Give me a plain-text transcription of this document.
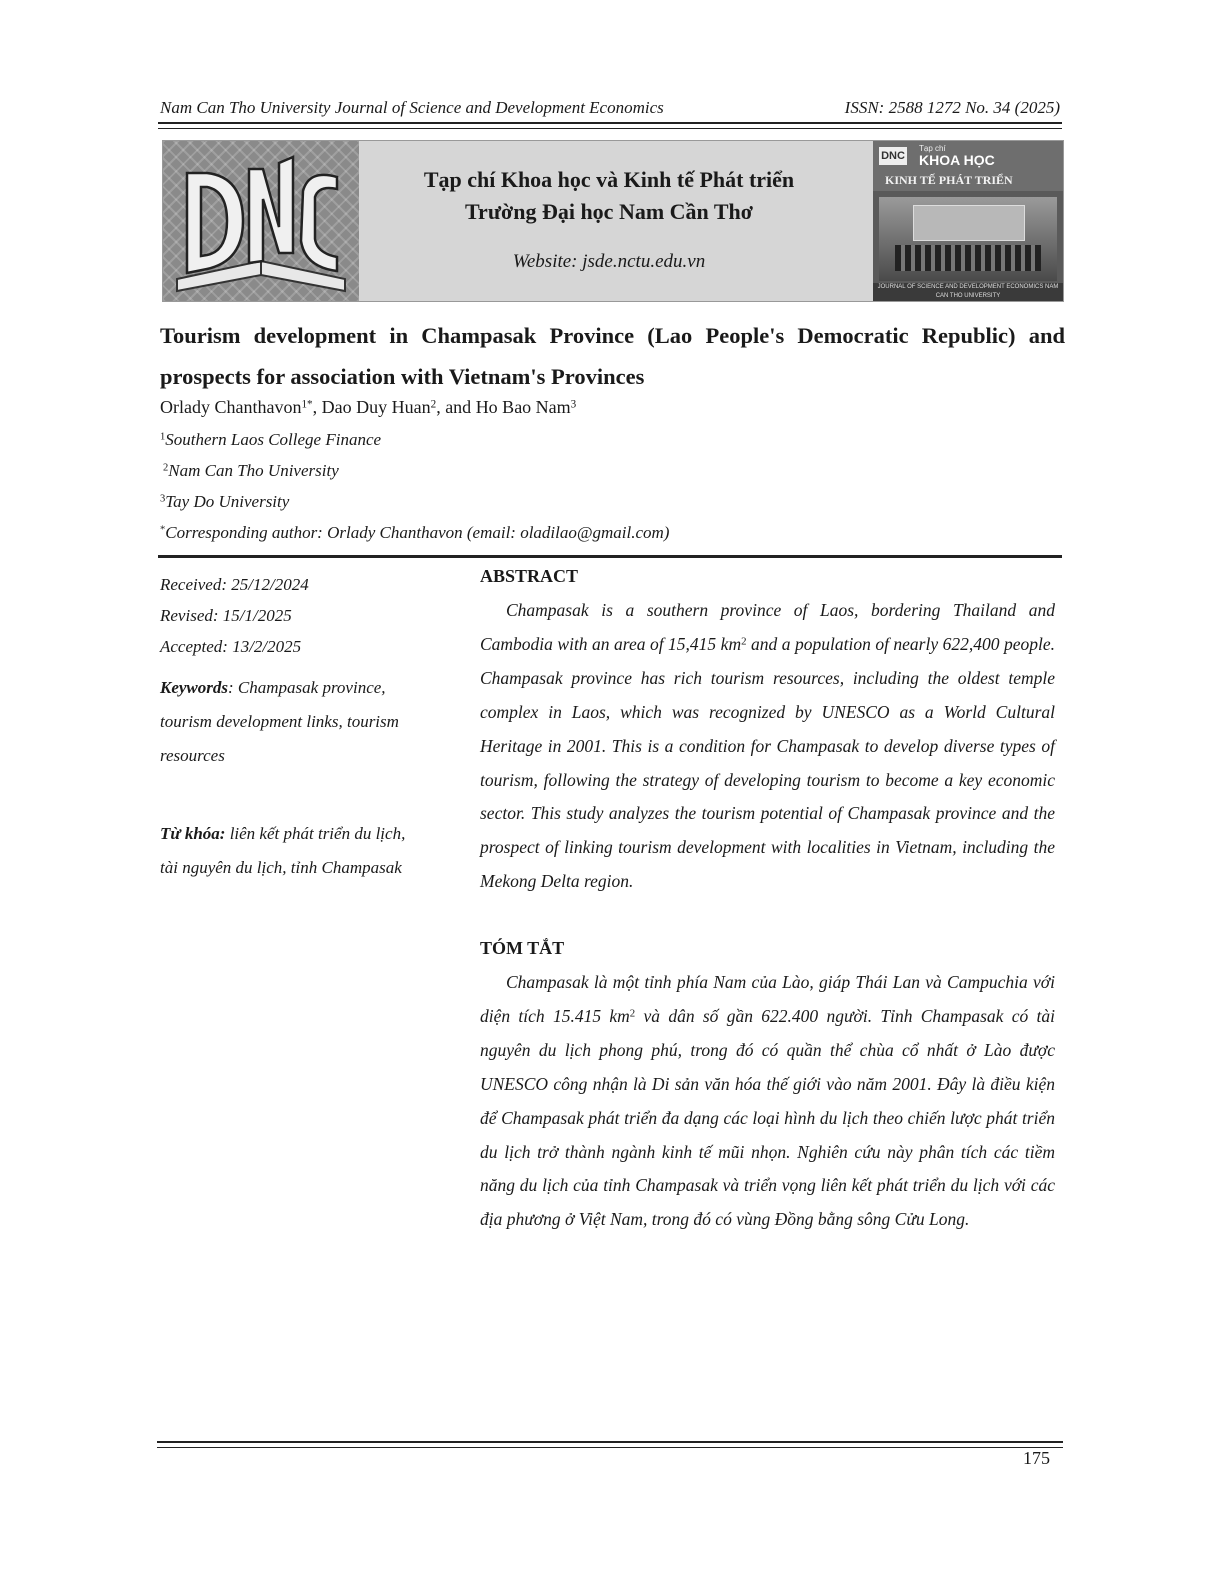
Nam Can Tho University Journal of Science and Development Economics	ISSN: 2588 1272 No. 34 (2025)
Tạp chí Khoa học và Kinh tế Phát triển
Trường Đại học Nam Cần Thơ
Website: jsde.nctu.edu.vn
DNC
Tạp chí
KHOA HỌC
KINH TẾ PHÁT TRIỂN
JOURNAL OF SCIENCE AND DEVELOPMENT ECONOMICS NAM CAN THO UNIVERSITY
Tourism development in Champasak Province (Lao People's Democratic Republic) and prospects for association with Vietnam's Provinces
Orlady Chanthavon$^{1*}$, Dao Duy Huan$^2$, and Ho Bao Nam$^3$
$^1$Southern Laos College Finance
$^2$Nam Can Tho University
$^3$Tay Do University
*Corresponding author: Orlady Chanthavon (email: oladilao@gmail.com)
Received: 25/12/2024
Revised: 15/1/2025
Accepted: 13/2/2025
Keywords: Champasak province, tourism development links, tourism resources
Từ khóa: liên kết phát triển du lịch, tài nguyên du lịch, tỉnh Champasak
ABSTRACT

Champasak is a southern province of Laos, bordering Thailand and Cambodia with an area of 15,415 $km^2$ and a population of nearly 622,400 people. Champasak province has rich tourism resources, including the oldest temple complex in Laos, which was recognized by UNESCO as a World Cultural Heritage in 2001. This is a condition for Champasak to develop diverse types of tourism, following the strategy of developing tourism to become a key economic sector. This study analyzes the tourism potential of Champasak province and the prospect of linking tourism development with localities in Vietnam, including the Mekong Delta region.

TÓM TẮT

Champasak là một tỉnh phía Nam của Lào, giáp Thái Lan và Campuchia với diện tích 15.415 $km^2$ và dân số gần 622.400 người. Tỉnh Champasak có tài nguyên du lịch phong phú, trong đó có quần thể chùa cổ nhất ở Lào được UNESCO công nhận là Di sản văn hóa thế giới vào năm 2001. Đây là điều kiện để Champasak phát triển đa dạng các loại hình du lịch theo chiến lược phát triển du lịch trở thành ngành kinh tế mũi nhọn. Nghiên cứu này phân tích các tiềm năng du lịch của tỉnh Champasak và triển vọng liên kết phát triển du lịch với các địa phương ở Việt Nam, trong đó có vùng Đồng bằng sông Cửu Long.

175
